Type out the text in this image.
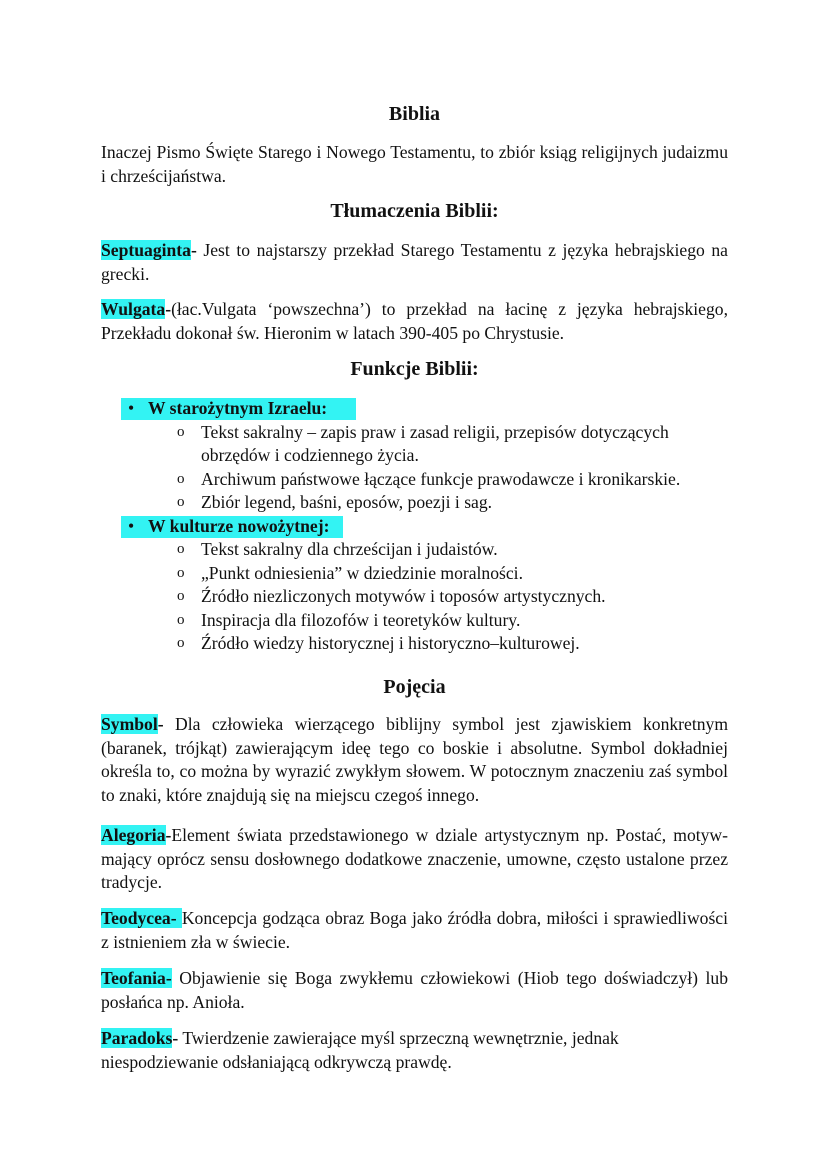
Biblia

Inaczej Pismo Święte Starego i Nowego Testamentu, to zbiór ksiąg religijnych judaizmu i chrześcijaństwa.

Tłumaczenia Biblii:

Septuaginta- Jest to najstarszy przekład Starego Testamentu z języka hebrajskiego na grecki.

Wulgata-(łac.Vulgata ‘powszechna’) to przekład na łacinę z języka hebrajskiego, Przekładu dokonał św. Hieronim w latach 390-405 po Chrystusie.

Funkcje Biblii:
• W starożytnym Izraelu:
o Tekst sakralny – zapis praw i zasad religii, przepisów dotyczących obrzędów i codziennego życia.
o Archiwum państwowe łączące funkcje prawodawcze i kronikarskie.
o Zbiór legend, baśni, eposów, poezji i sag.
• W kulturze nowożytnej:
o Tekst sakralny dla chrześcijan i judaistów.
o „Punkt odniesienia” w dziedzinie moralności.
o Źródło niezliczonych motywów i toposów artystycznych.
o Inspiracja dla filozofów i teoretyków kultury.
o Źródło wiedzy historycznej i historyczno–kulturowej.
Pojęcia

Symbol- Dla człowieka wierzącego biblijny symbol jest zjawiskiem konkretnym (baranek, trójkąt) zawierającym ideę tego co boskie i absolutne. Symbol dokładniej określa to, co można by wyrazić zwykłym słowem. W potocznym znaczeniu zaś symbol to znaki, które znajdują się na miejscu czegoś innego.

Alegoria-Element świata przedstawionego w dziale artystycznym np. Postać, motyw- mający oprócz sensu dosłownego dodatkowe znaczenie, umowne, często ustalone przez tradycje.

Teodycea- Koncepcja godząca obraz Boga jako źródła dobra, miłości i sprawiedliwości z istnieniem zła w świecie.

Teofania- Objawienie się Boga zwykłemu człowiekowi (Hiob tego doświadczył) lub posłańca np. Anioła.

Paradoks- Twierdzenie zawierające myśl sprzeczną wewnętrznie, jednak niespodziewanie odsłaniającą odkrywczą prawdę.
